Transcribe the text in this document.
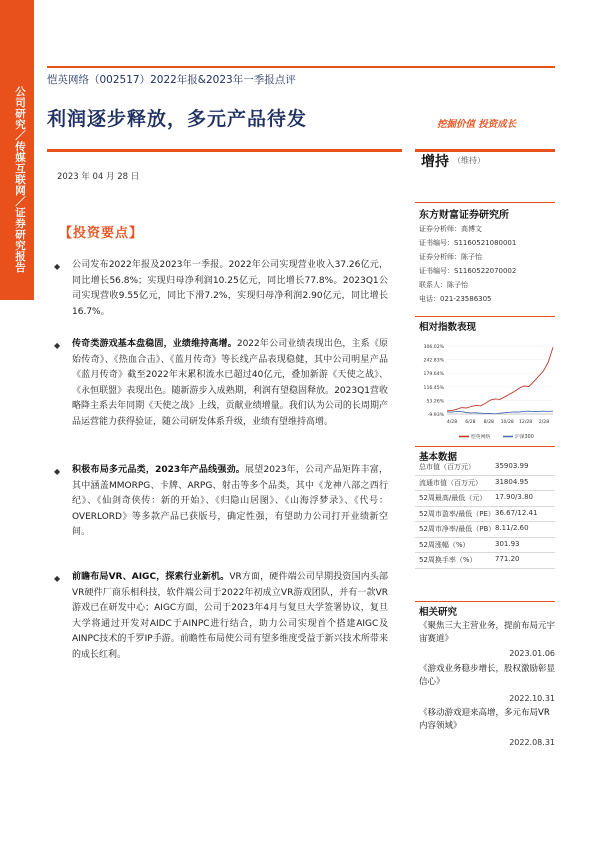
公司研究／传媒互联网／证券研究报告
恺英网络（002517）2022年报&2023年一季报点评
利润逐步释放，多元产品待发	挖掘价值 投资成长
2023 年 04 月 28 日
增持 （维持）
【投资要点】
◆ 公司发布2022年报及2023年一季报。2022年公司实现营业收入37.26亿元，同比增长56.8%；实现归母净利润10.25亿元，同比增长77.8%。2023Q1公司实现营收9.55亿元，同比下滑7.2%，实现归母净利润2.90亿元，同比增长16.7%。
◆ 传奇类游戏基本盘稳固，业绩维持高增。2022年公司业绩表现出色，主系《原始传奇》、《热血合击》、《蓝月传奇》等长线产品表现稳健，其中公司明星产品《蓝月传奇》截至2022年末累积流水已超过40亿元，叠加新游《天使之战》、《永恒联盟》表现出色。随新游步入成熟期，利润有望稳固释放。2023Q1营收略降主系去年同期《天使之战》上线，贡献业绩增量。我们认为公司的长周期产品运营能力获得验证，随公司研发体系升级，业绩有望维持高增。
◆ 积极布局多元品类，2023年产品线强劲。展望2023年，公司产品矩阵丰富，其中涵盖MMORPG、卡牌、ARPG、射击等多个品类，其中《龙神八部之西行纪》、《仙剑奇侠传：新的开始》、《归隐山居图》、《山海浮梦录》、《代号：OVERLORD》等多款产品已获版号，确定性强，有望助力公司打开业绩新空间。
◆ 前瞻布局VR、AIGC，探索行业新机。VR方面，硬件端公司早期投资国内头部VR硬件厂商乐相科技，软件端公司于2022年初成立VR游戏团队，并有一款VR游戏已在研发中心；AIGC方面，公司于2023年4月与复旦大学签署协议，复旦大学将通过开发对AIDC于AINPC进行结合，助力公司实现首个搭建AIGC及AINPC技术的千罗IP手游。前瞻性布局使公司有望多维度受益于新兴技术所带来的成长红利。
东方财富证券研究所
证券分析师：高博文
证书编号：S1160521080001
证券分析师：陈子怡
证书编号：S1160522070002
联系人：陈子怡
电话：021-23586305
相对指数表现
306.02%
242.83%
179.64%
116.45%
53.26%
-9.93%
4/28 6/28 8/28 10/28 12/28 2/28
恺英网络	沪深300
基本数据
总市值（百万元）	35903.99
流通市值（百万元） 31804.95
52周最高/最低（元） 17.90/3.80
52周市盈率/最低（PE） 36.67/12.41
52周市净率/最低（PB） 8.11/2.60
52周涨幅（%）	301.93
52周换手率（%）	771.20
相关研究
《聚焦三大主营业务，提前布局元宇宙赛道》
2023.01.06
《游戏业务稳步增长，股权激励彰显信心》
2022.10.31
《移动游戏迎来高增，多元布局VR内容领域》
2022.08.31
